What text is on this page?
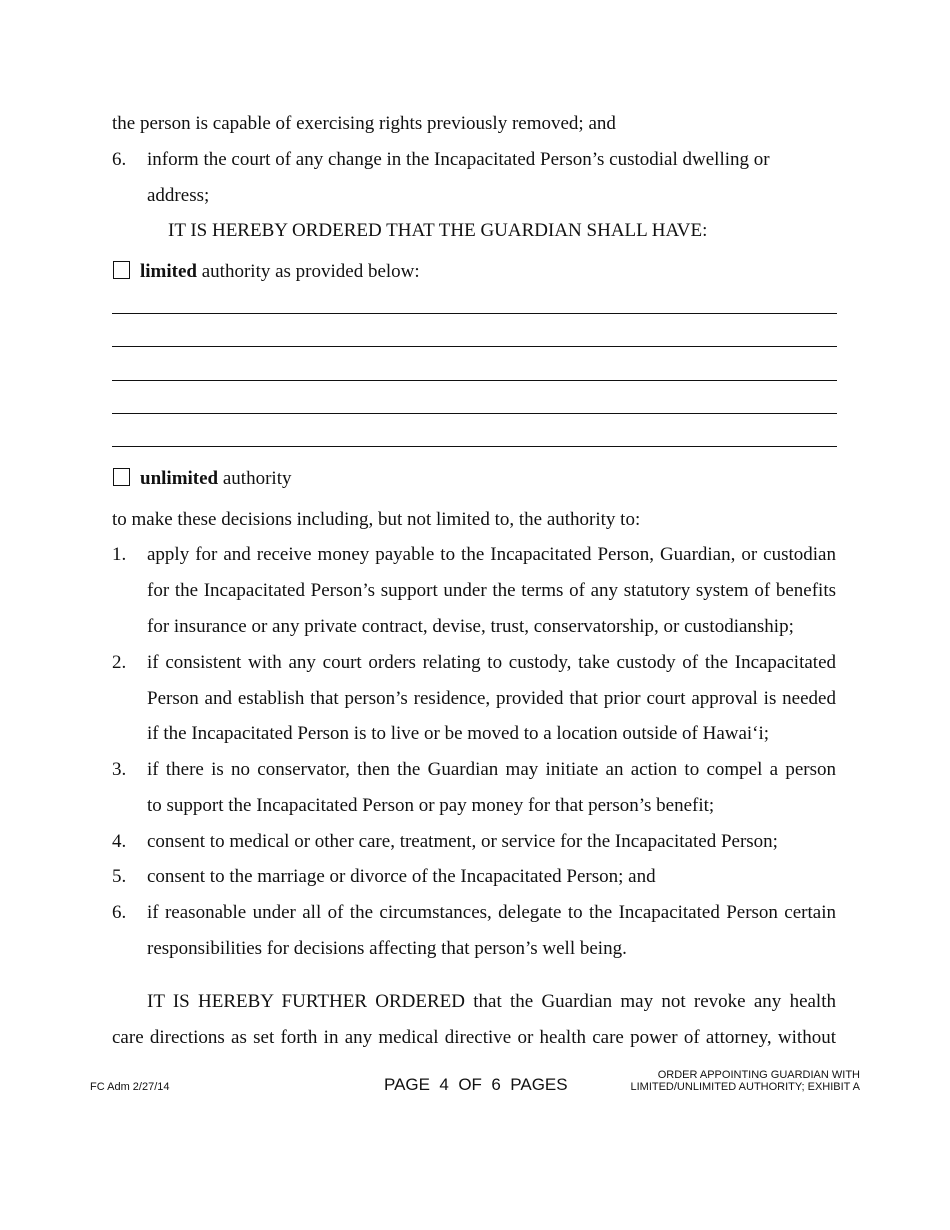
the person is capable of exercising rights previously removed; and
6. inform the court of any change in the Incapacitated Person’s custodial dwelling or
address;
IT IS HEREBY ORDERED THAT THE GUARDIAN SHALL HAVE:
limited authority as provided below:
unlimited authority
to make these decisions including, but not limited to, the authority to:
1. apply for and receive money payable to the Incapacitated Person, Guardian, or custodian
for the Incapacitated Person’s support under the terms of any statutory system of benefits
for insurance or any private contract, devise, trust, conservatorship, or custodianship;
2. if consistent with any court orders relating to custody, take custody of the Incapacitated
Person and establish that person’s residence, provided that prior court approval is needed
if the Incapacitated Person is to live or be moved to a location outside of Hawai‘i;
3. if there is no conservator, then the Guardian may initiate an action to compel a person
to support the Incapacitated Person or pay money for that person’s benefit;
4. consent to medical or other care, treatment, or service for the Incapacitated Person;
5. consent to the marriage or divorce of the Incapacitated Person; and
6. if reasonable under all of the circumstances, delegate to the Incapacitated Person certain
responsibilities for decisions affecting that person’s well being.
IT IS HEREBY FURTHER ORDERED that the Guardian may not revoke any health
care directions as set forth in any medical directive or health care power of attorney, without
FC Adm 2/27/14	PAGE  4  OF  6  PAGES	ORDER APPOINTING GUARDIAN WITH
LIMITED/UNLIMITED AUTHORITY; EXHIBIT A
